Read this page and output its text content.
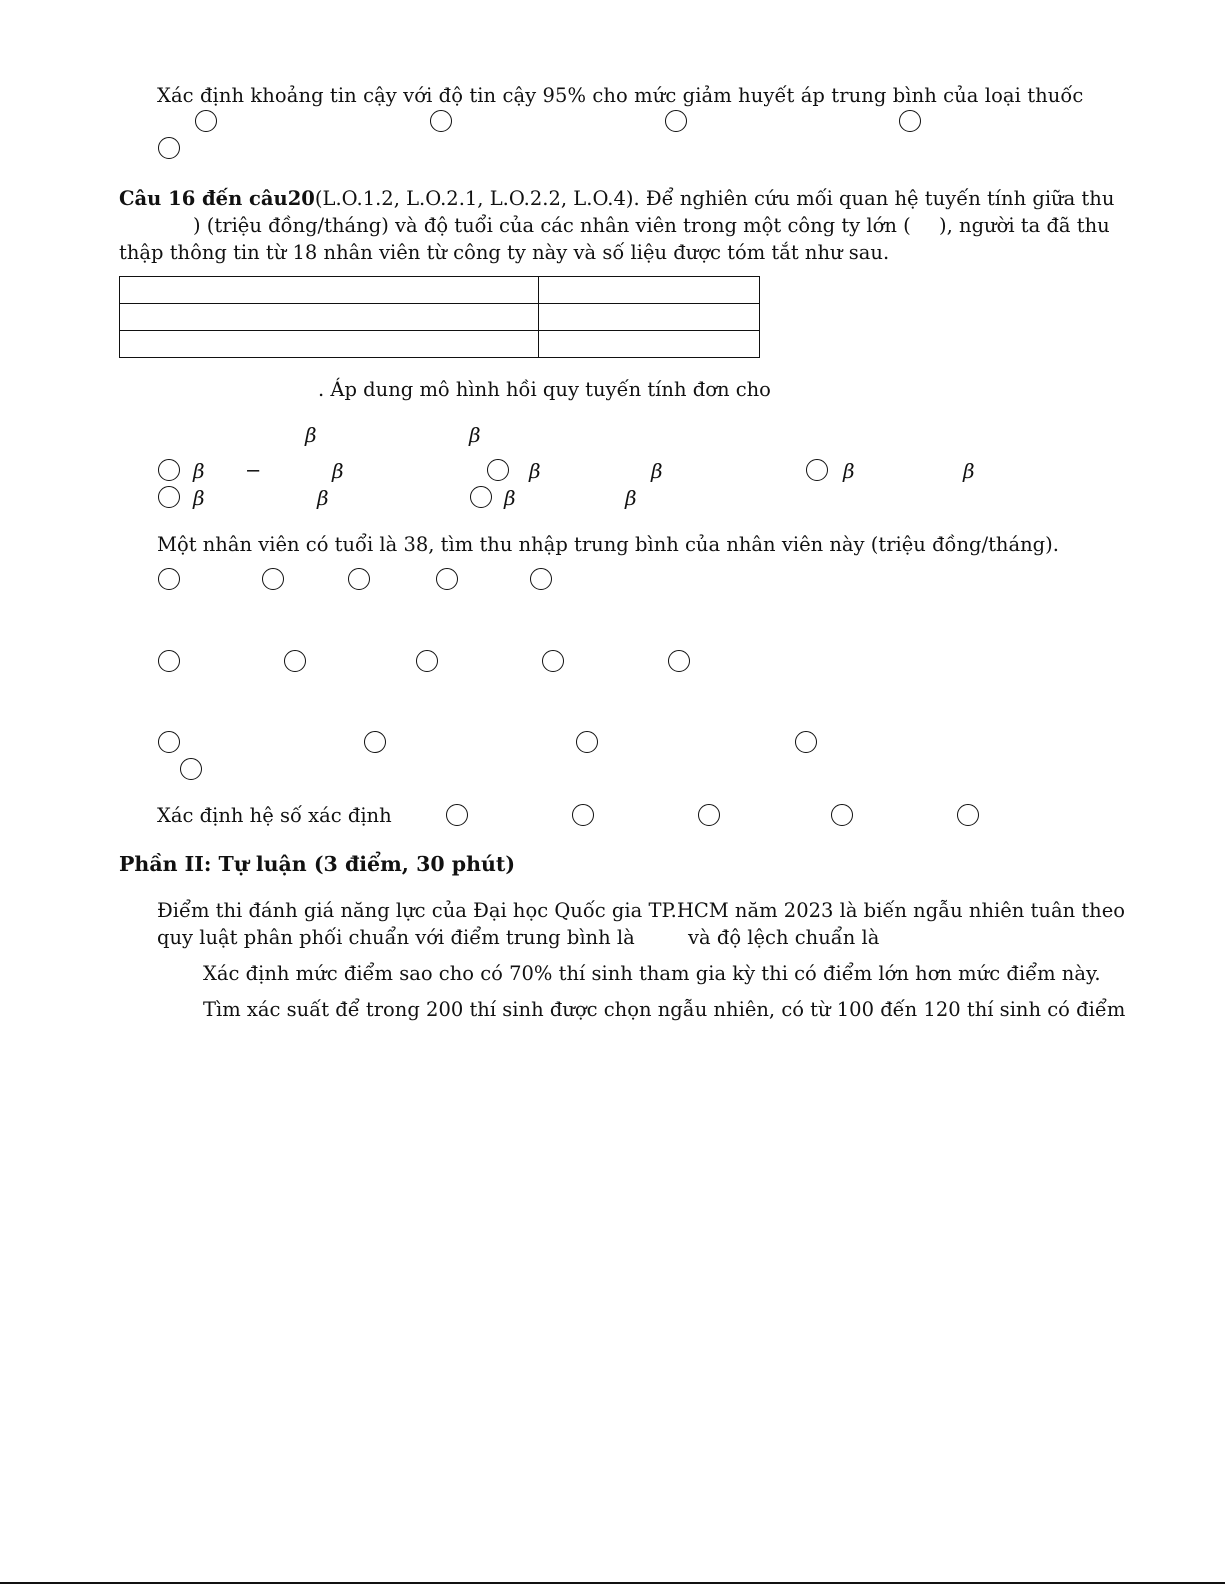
Xác định khoảng tin cậy với độ tin cậy 95% cho mức giảm huyết áp trung bình của loại thuốc
Câu 16 đến câu20(L.O.1.2, L.O.2.1, L.O.2.2, L.O.4). Để nghiên cứu mối quan hệ tuyến tính giữa thu
) (triệu đồng/tháng) và độ tuổi của các nhân viên trong một công ty lớn ( ), người ta đã thu
thập thông tin từ 18 nhân viên từ công ty này và số liệu được tóm tắt như sau.

. Áp dung mô hình hồi quy tuyến tính đơn cho
β	β
β −	β	β	β	β	β
β	β	β	β
Một nhân viên có tuổi là 38, tìm thu nhập trung bình của nhân viên này (triệu đồng/tháng).
Xác định hệ số xác định
Phần II: Tự luận (3 điểm, 30 phút)
Điểm thi đánh giá năng lực của Đại học Quốc gia TP.HCM năm 2023 là biến ngẫu nhiên tuân theo
quy luật phân phối chuẩn với điểm trung bình là	và độ lệch chuẩn là
Xác định mức điểm sao cho có 70% thí sinh tham gia kỳ thi có điểm lớn hơn mức điểm này.
Tìm xác suất để trong 200 thí sinh được chọn ngẫu nhiên, có từ 100 đến 120 thí sinh có điểm
